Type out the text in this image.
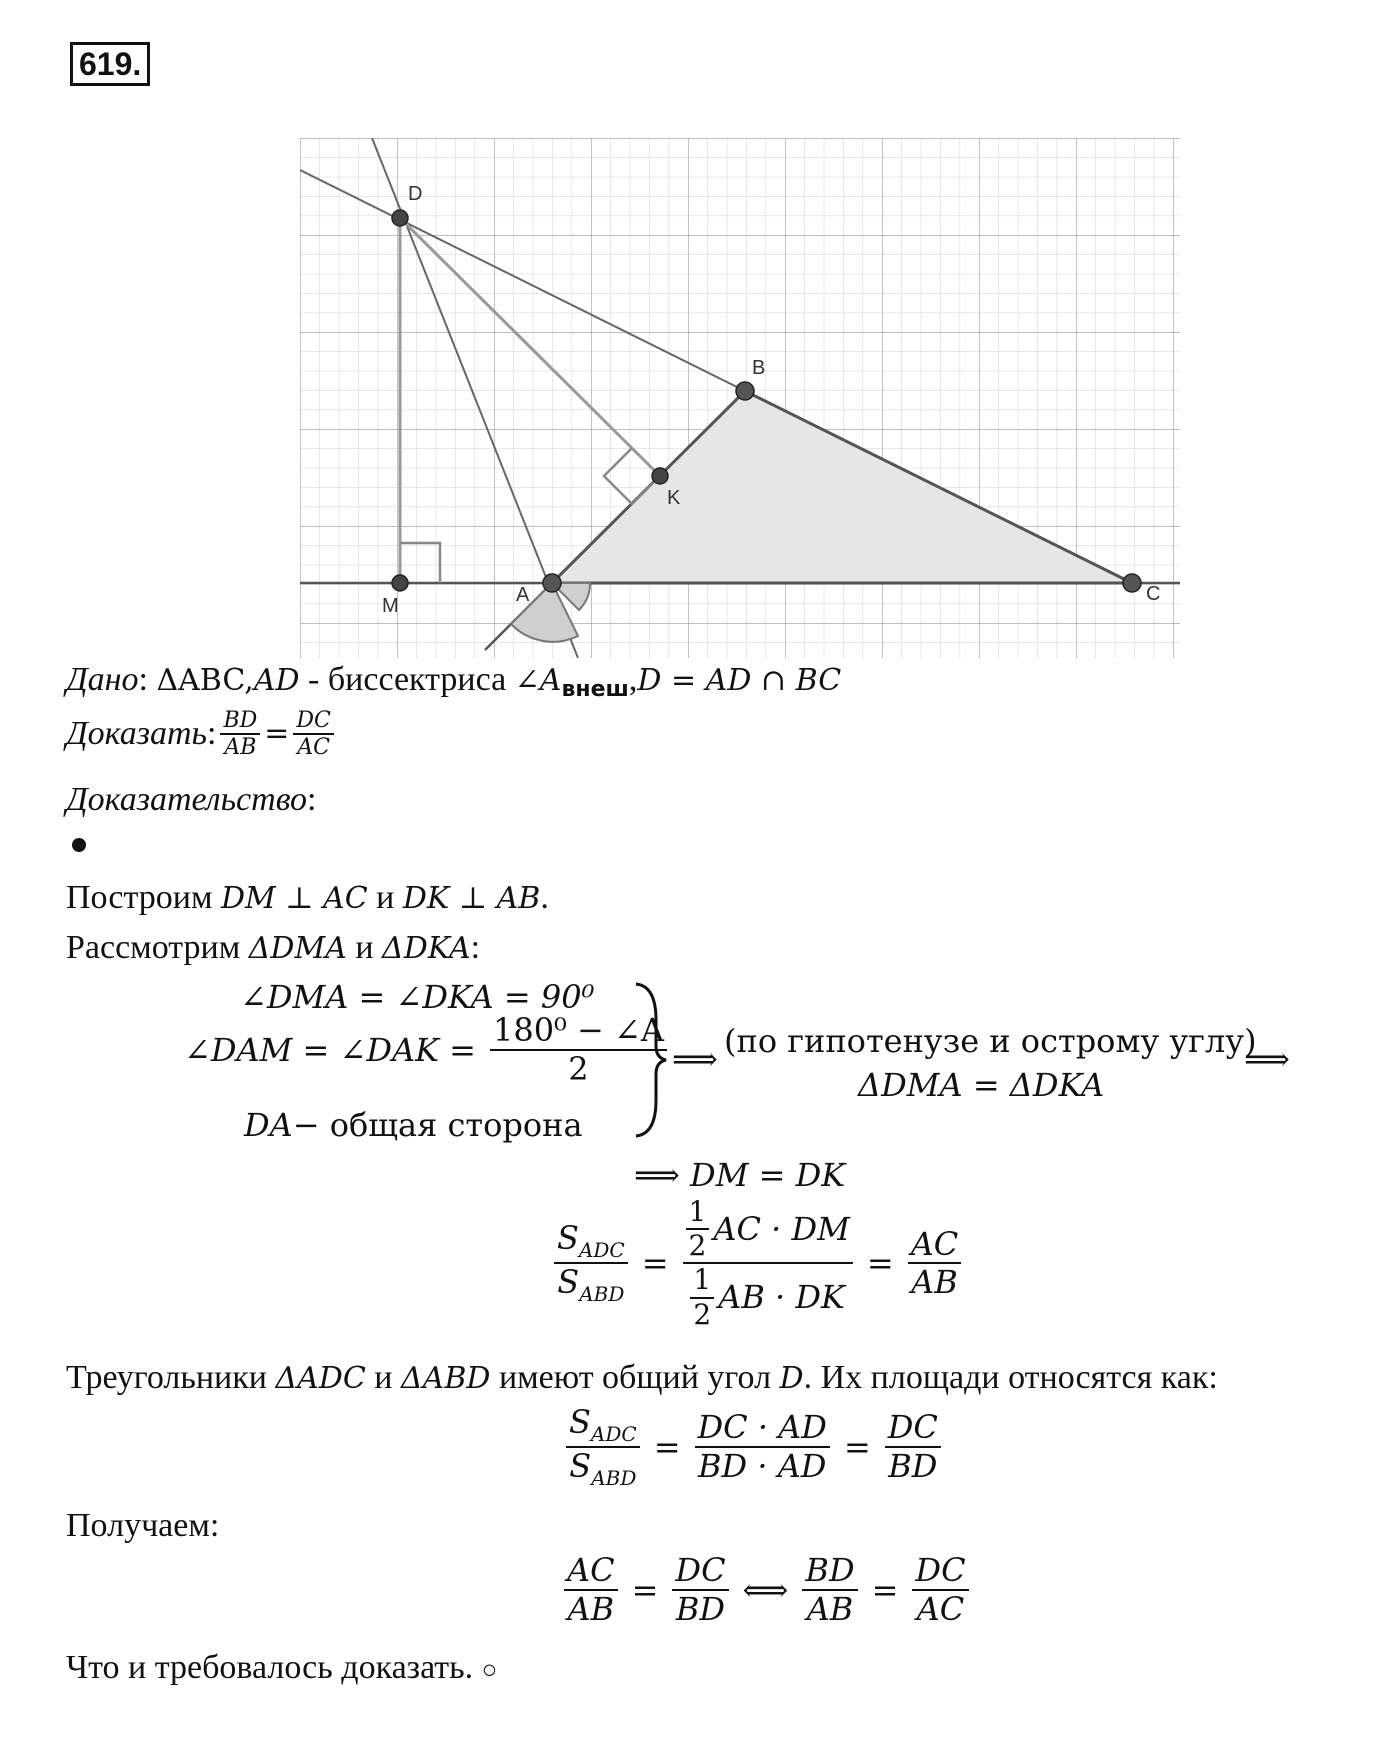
619.
D
B
K
A
M
C
Дано: ΔABC,AD - биссектриса $\angle A_{внеш},D$ = AD ∩ BC
Доказать : $\frac{BD}{AB} = \frac{DC}{AC}$
Доказательство:
Построим DM ⊥ AC и DK ⊥ AB.
Рассмотрим ΔDMA и ΔDKA:
∠DMA = ∠DKA = 90⁰
∠DAM = ∠DAK = $\frac{\text{180⁰ − ∠A}}{2}$
DA − общая сторона
⟹ (по гипотенузе и острому углу)
ΔDMA = ΔDKA
⟹
⟹ DM = DK
$\frac{S_{ADC}}{S_{ABD}} = \frac{\frac{1}{2} AC \cdot DM}{\frac{1}{2} AB \cdot DK} = \frac{AC}{AB}$
Треугольники ΔADC и ΔABD имеют общий угол D. Их площади относятся как:
$\frac{S_{ADC}}{S_{ABD}} = \frac{DC \cdot AD}{BD \cdot AD} = \frac{DC}{BD}$
Получаем:
$\frac{AC}{AB} = \frac{DC}{BD}$ ⟺ $\frac{BD}{AB} = \frac{DC}{AC}$
Что и требовалось доказать. ○
